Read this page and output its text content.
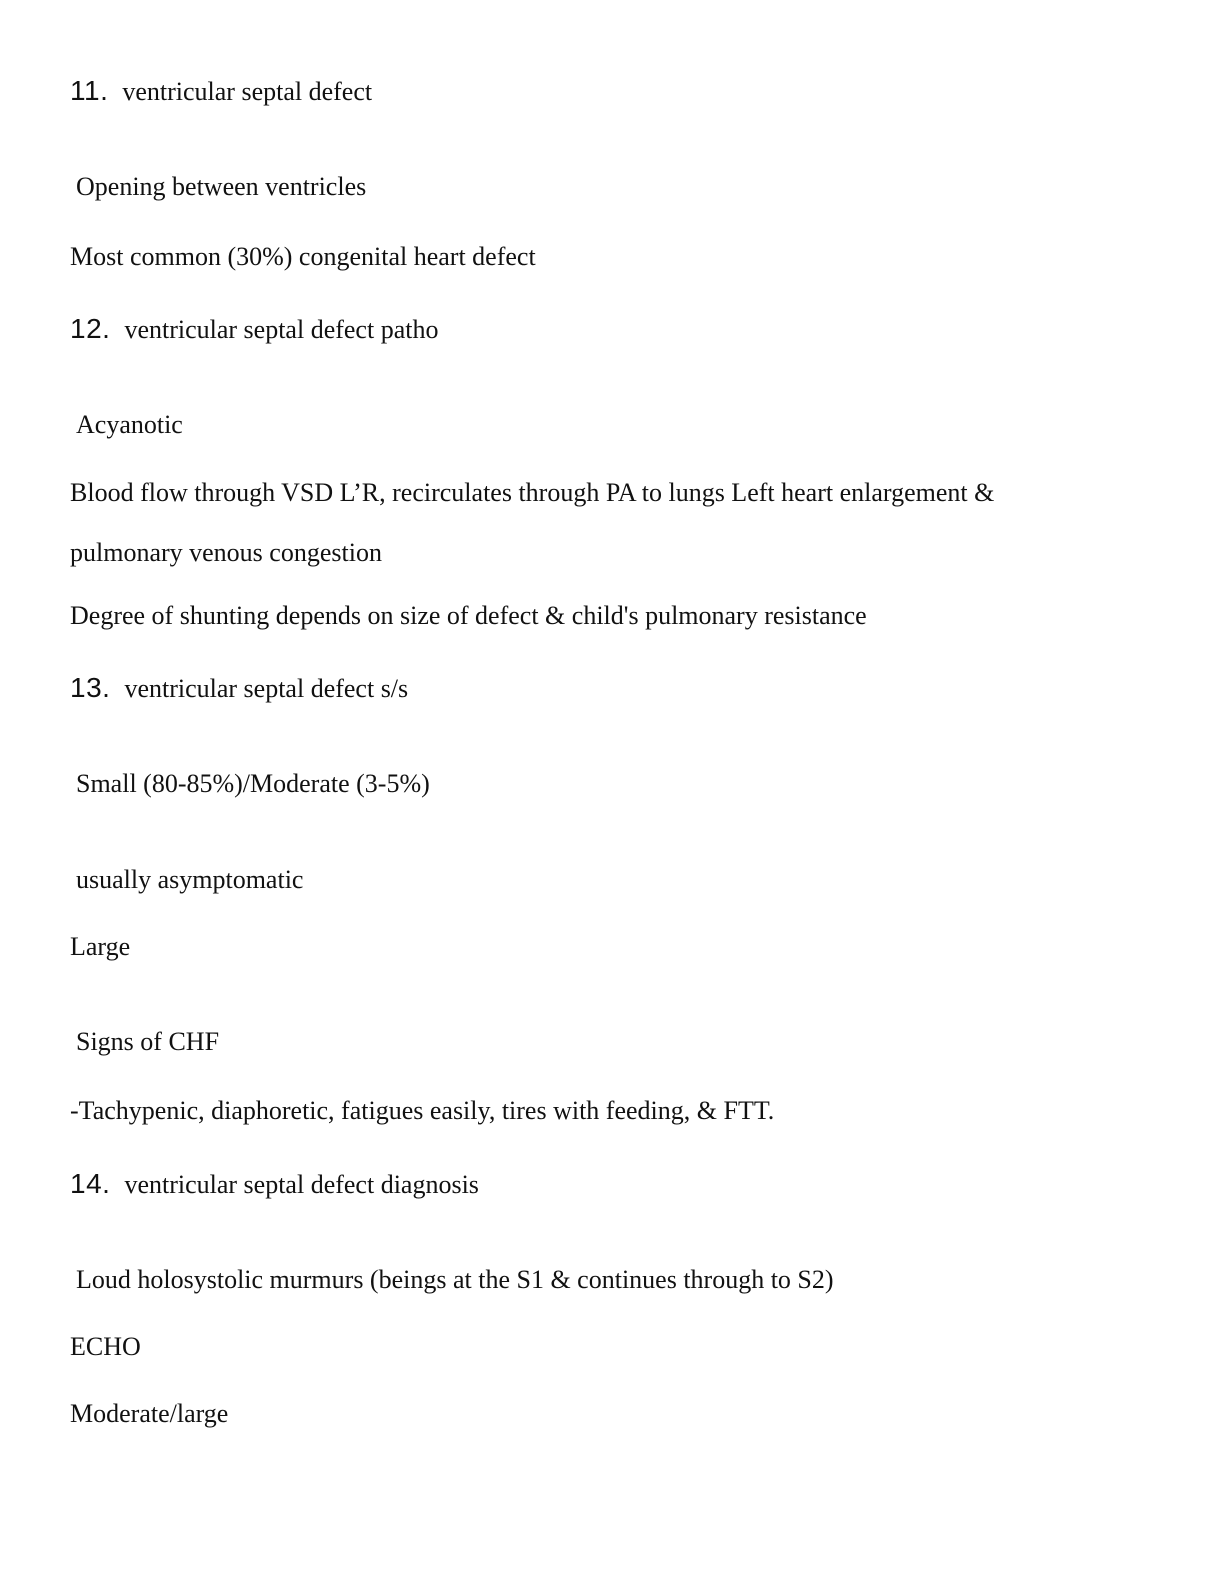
11. ventricular septal defect
Opening between ventricles
Most common (30%) congenital heart defect
12. ventricular septal defect patho
Acyanotic
Blood flow through VSD L’R, recirculates through PA to lungs Left heart enlargement &
pulmonary venous congestion
Degree of shunting depends on size of defect & child's pulmonary resistance
13. ventricular septal defect s/s
Small (80-85%)/Moderate (3-5%)
usually asymptomatic
Large
Signs of CHF
-Tachypenic, diaphoretic, fatigues easily, tires with feeding, & FTT.
14. ventricular septal defect diagnosis
Loud holosystolic murmurs (beings at the S1 & continues through to S2)
ECHO
Moderate/large
